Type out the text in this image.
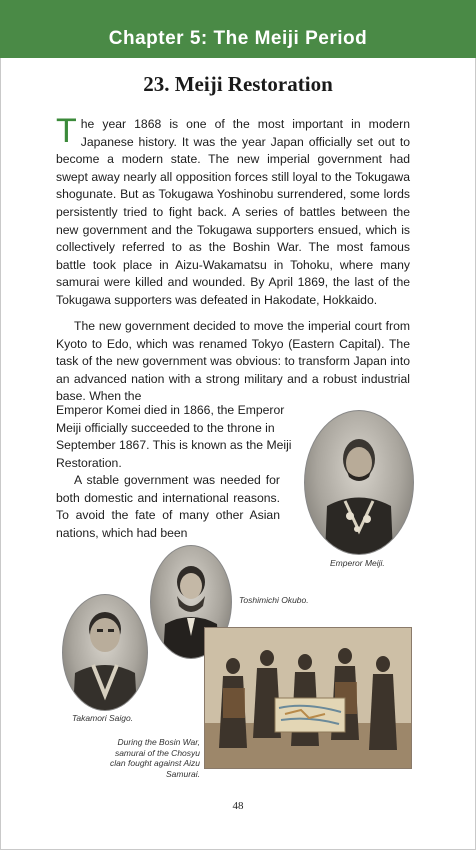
Chapter 5: The Meiji Period
23. Meiji Restoration
The year 1868 is one of the most important in modern Japanese history. It was the year Japan officially set out to become a modern state. The new imperial government had swept away nearly all opposition forces still loyal to the Tokugawa shogunate. But as Tokugawa Yoshinobu surrendered, some lords persistently tried to fight back. A series of battles between the new government and the Tokugawa supporters ensued, which is collectively referred to as the Boshin War. The most famous battle took place in Aizu-Wakamatsu in Tohoku, where many samurai were killed and wounded. By April 1869, the last of the Tokugawa supporters was defeated in Hakodate, Hokkaido.
The new government decided to move the imperial court from Kyoto to Edo, which was renamed Tokyo (Eastern Capital). The task of the new government was obvious: to transform Japan into an advanced nation with a strong military and a robust industrial base. When the
Emperor Komei died in 1866, the Emperor Meiji officially succeeded to the throne in September 1867. This is known as the Meiji Restoration.
A stable government was needed for both domestic and international reasons. To avoid the fate of many other Asian nations, which had been
Emperor Meiji.
Toshimichi Okubo.
Takamori Saigo.
During the Bosin War, samurai of the Chosyu clan fought against Aizu Samurai.
48
